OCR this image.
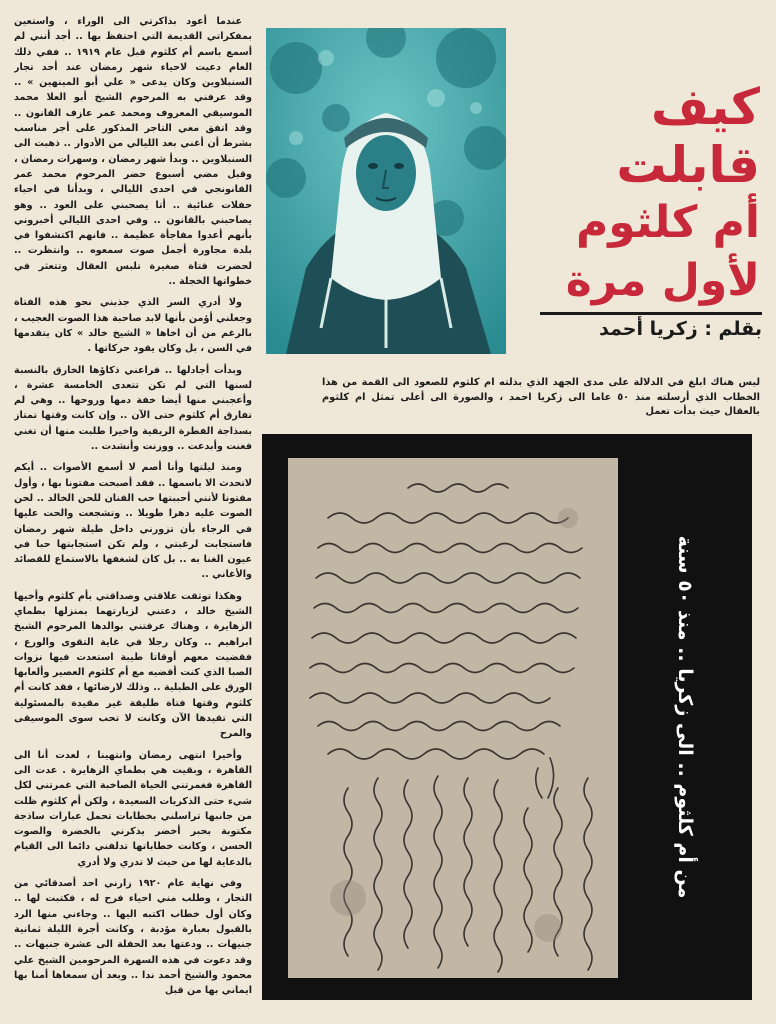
عندما أعود بذاكرتي الى الوراء ، واستعين بمفكراتي القديمة التي احتفظ بها .. أجد أنني لم أسمع باسم أم كلثوم قبل عام ١٩١٩ .. ففي ذلك العام دعيت لاحياء شهر رمضان عند أحد تجار السنبلاوين وكان يدعى « علي أبو المينهين » .. وقد عرفني به المرحوم الشيخ أبو العلا محمد الموسيقي المعروف ومحمد عمر عازف القانون .. وقد اتفق معي التاجر المذكور على أجر مناسب بشرط أن أغني بعد الليالي من الأدوار .. ذهبت الى السنبلاوين .. وبدأ شهر رمضان ، وسهرات رمضان ، وقبل مضي أسبوع حضر المرحوم محمد عمر القانونجي في احدى الليالي ، وبدأنا في احياء حفلات غنائية .. أتا يصحبني على العود .. وهو يصاحبني بالقانون .. وفي احدى الليالي أخبروني بأنهم أعدوا مفاجأة عظيمة .. فانهم اكتشفوا في بلدة مجاورة أجمل صوت سمعوه .. وانتظرت .. لحضرت فتاة صغيرة تلبس العقال وتتعثر في خطواتها الخجلة ..

ولا أدري السر الذي جذبني نحو هذه الفتاة وجعلني أؤمن بأنها لابد صاحبة هذا الصوت العجيب ، بالرغم من أن اخاها « الشيخ خالد » كان يتقدمها في السن ، بل وكان يقود حركاتها .

وبدأت أجادلها .. فراعني ذكاؤها الخارق بالنسبة لسنها التي لم تكن تتعدى الخامسة عشرة ، وأعجبني منها أيضا خفة دمها وروحها .. وهي لم تفارق أم كلثوم حتى الآن .. وإن كانت وقتها تمتاز بسذاجة الفطرة الريفية واخيرا طلبت منها أن تغني فغنت وأبدعت .. ووزنت وأنشدت ..

ومنذ ليلتها وأنا أصم لا أسمع الأصوات .. أيكم لاتحدث الا باسمها .. فقد أصبحت مفتونا بها ، وأول مفتونا لأنني أحببتها حب الفنان للحن الخالد .. لحن الصوت عليه دهرا طويلا .. وتشجعت والحت عليها في الرجاء بأن تزورني داخل طيلة شهر رمضان فاستجابت لرغبتي ، ولم تكن استجابتها حبا في عيون الغنا به .. بل كان لشغفها بالاستماع للقصائد والأغاني ..

وهكذا توثقت علاقتي وصداقتي بأم كلثوم وأخيها الشيخ خالد ، دعتني لزيارتهما بمنزلها بطماي الزهايرة ، وهناك عرفتني بوالدها المرحوم الشيخ ابراهيم .. وكان رجلا في غاية التقوى والورع ، فقضيت معهم أوقاتا طيبة استعدت فيها نزوات الصبا الذي كنت أقضيه مع أم كلثوم العصير وألعابها الورق على الطبلية .. وذلك لارضائها ، فقد كانت أم كلثوم وقتها فتاة طليقة غير مقيدة بالمسئولية التي تقيدها الآن وكانت لا تحب سوى الموسيقى والمرح

وأخيرا انتهى رمضان وانتهينا ، لعدت أنا الى القاهرة ، وبقيت هي بطماي الزهايرة . عدت الى القاهرة فغمرتني الحياة الصاخبة التي غمرتني لكل شيء حتى الذكريات السعيدة ، ولكن أم كلثوم ظلت من جانبها تراسلني بخطابات تحمل عبارات ساذجة مكتوبة بحبر أخضر يذكرني بالخضرة والصوت الحسن ، وكانت خطاباتها تدلفني دائما الى القيام بالدعاية لها من حيث لا تدري ولا أدري

وفي نهاية عام ١٩٢٠ زارني احد أصدقائي من التجار ، وطلب مني احياء فرح له ، فكتبت لها .. وكان أول خطاب اكتبه اليها .. وجاءني منها الرد بالقبول بعبارة مؤدبة ، وكانت أجرة الليلة ثمانية جنيهات .. ودعتها بعد الحفلة الى عشرة جنيهات .. وقد دعوت في هذه السهرة المرحومين الشيخ علي محمود والشيخ أحمد ندا .. وبعد أن سمعاها أمنا بها ايماني بها من قبل

كيف
قابلت
أم كلثوم
لأول مرة
بقلم : زكريا أحمد
ليس هناك ابلغ في الدلالة على مدى الجهد الذي بذلته ام كلثوم للصعود الى القمة من هذا الخطاب الذي أرسلته منذ ٥٠ عاما الى زكريا احمد ، والصورة الى أعلى تمثل ام كلثوم بالعقال حيث بدأت تعمل
من أم كلثوم .. الى زكريا .. منذ ٥٠ سنة
